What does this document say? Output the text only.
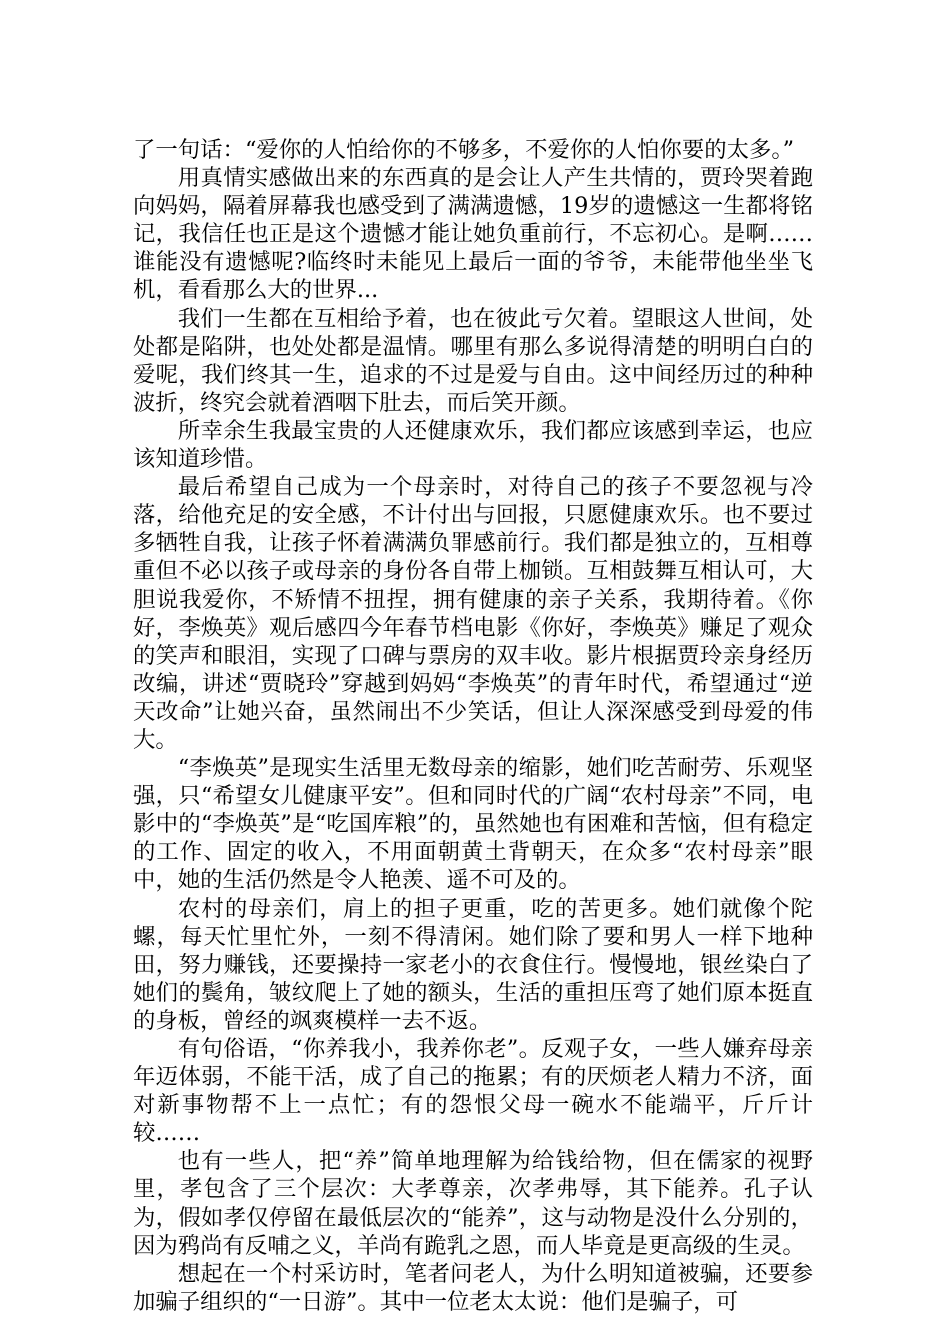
了一句话：“爱你的人怕给你的不够多，不爱你的人怕你要的太多。”

用真情实感做出来的东西真的是会让人产生共情的，贾玲哭着跑向妈妈，隔着屏幕我也感受到了满满遗憾，19岁的遗憾这一生都将铭记，我信任也正是这个遗憾才能让她负重前行，不忘初心。是啊……谁能没有遗憾呢?临终时未能见上最后一面的爷爷，未能带他坐坐飞机，看看那么大的世界...

我们一生都在互相给予着，也在彼此亏欠着。望眼这人世间，处处都是陷阱，也处处都是温情。哪里有那么多说得清楚的明明白白的爱呢，我们终其一生，追求的不过是爱与自由。这中间经历过的种种波折，终究会就着酒咽下肚去，而后笑开颜。

所幸余生我最宝贵的人还健康欢乐，我们都应该感到幸运，也应该知道珍惜。

最后希望自己成为一个母亲时，对待自己的孩子不要忽视与冷落，给他充足的安全感，不计付出与回报，只愿健康欢乐。也不要过多牺牲自我，让孩子怀着满满负罪感前行。我们都是独立的，互相尊重但不必以孩子或母亲的身份各自带上枷锁。互相鼓舞互相认可，大胆说我爱你，不矫情不扭捏，拥有健康的亲子关系，我期待着。《你好，李焕英》观后感四今年春节档电影《你好，李焕英》赚足了观众的笑声和眼泪，实现了口碑与票房的双丰收。影片根据贾玲亲身经历改编，讲述“贾晓玲”穿越到妈妈“李焕英”的青年时代，希望通过“逆天改命”让她兴奋，虽然闹出不少笑话，但让人深深感受到母爱的伟大。

“李焕英”是现实生活里无数母亲的缩影，她们吃苦耐劳、乐观坚强，只“希望女儿健康平安”。但和同时代的广阔“农村母亲”不同，电影中的“李焕英”是“吃国库粮”的，虽然她也有困难和苦恼，但有稳定的工作、固定的收入，不用面朝黄土背朝天，在众多“农村母亲”眼中，她的生活仍然是令人艳羡、遥不可及的。

农村的母亲们，肩上的担子更重，吃的苦更多。她们就像个陀螺，每天忙里忙外，一刻不得清闲。她们除了要和男人一样下地种田，努力赚钱，还要操持一家老小的衣食住行。慢慢地，银丝染白了她们的鬓角，皱纹爬上了她的额头，生活的重担压弯了她们原本挺直的身板，曾经的飒爽模样一去不返。

有句俗语，“你养我小，我养你老”。反观子女，一些人嫌弃母亲年迈体弱，不能干活，成了自己的拖累；有的厌烦老人精力不济，面对新事物帮不上一点忙；有的怨恨父母一碗水不能端平，斤斤计较……

也有一些人，把“养”简单地理解为给钱给物，但在儒家的视野里，孝包含了三个层次：大孝尊亲，次孝弗辱，其下能养。孔子认为，假如孝仅停留在最低层次的“能养”，这与动物是没什么分别的，因为鸦尚有反哺之义，羊尚有跪乳之恩，而人毕竟是更高级的生灵。

想起在一个村采访时，笔者问老人，为什么明知道被骗，还要参加骗子组织的“一日游”。其中一位老太太说：他们是骗子，可
